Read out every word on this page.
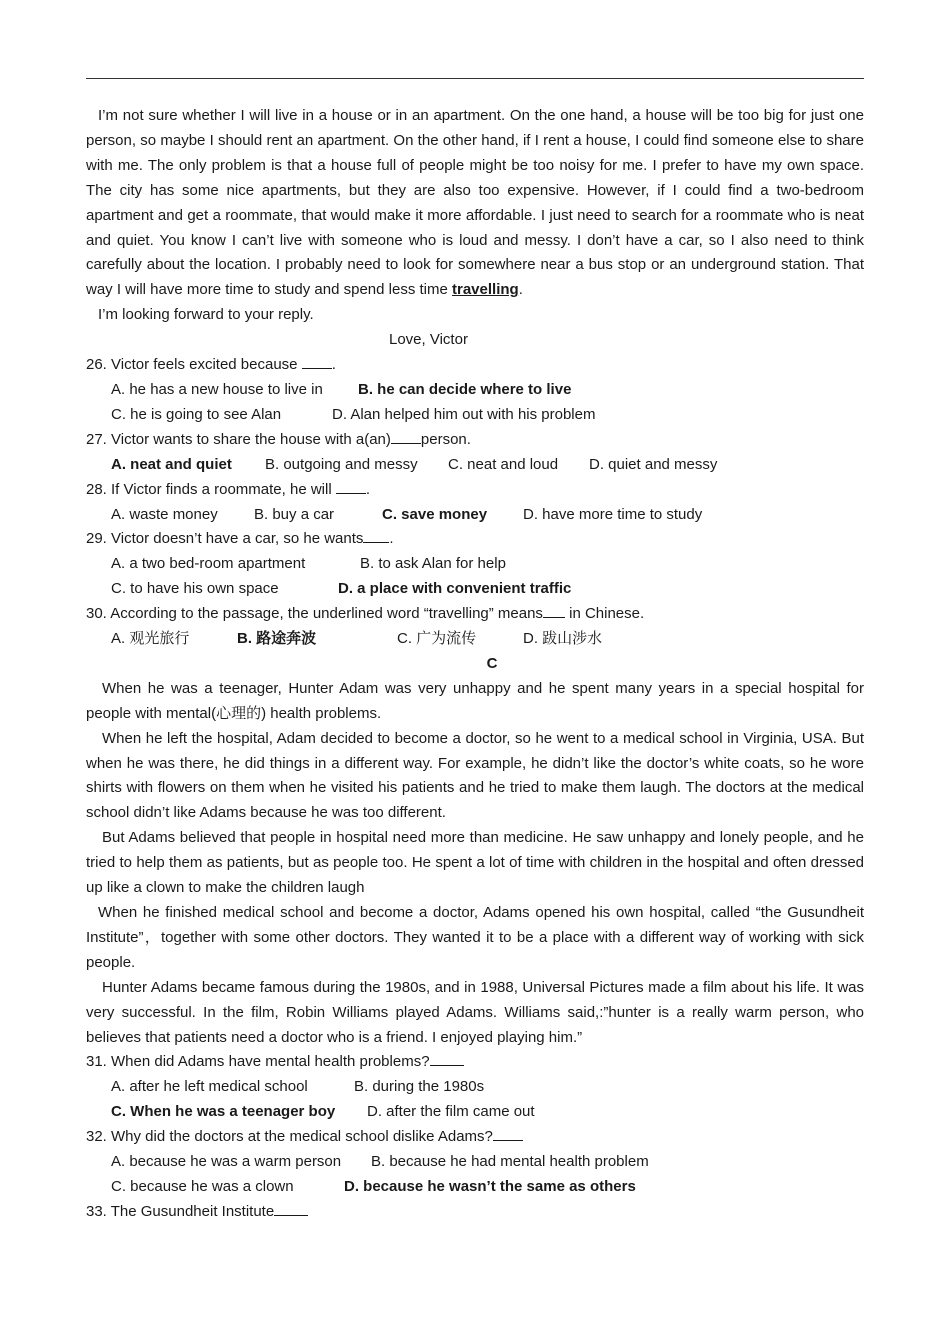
I’m not sure whether I will live in a house or in an apartment. On the one hand, a house will be too big for just one person, so maybe I should rent an apartment. On the other hand, if I rent a house, I could find someone else to share with me. The only problem is that a house full of people might be too noisy for me. I prefer to have my own space. The city has some nice apartments, but they are also too expensive. However, if I could find a two-bedroom apartment and get a roommate, that would make it more affordable. I just need to search for a roommate who is neat and quiet. You know I can’t live with someone who is loud and messy. I don’t have a car, so I also need to think carefully about the location. I probably need to look for somewhere near a bus stop or an underground station. That way I will have more time to study and spend less time travelling.

I’m looking forward to your reply.

Love, Victor

26. Victor feels excited because .

A. he has a new house to live in B. he can decide where to live

C. he is going to see Alan	D. Alan helped him out with his problem

27. Victor wants to share the house with a(an) person.

A. neat and quiet B. outgoing and messy C. neat and loud D. quiet and messy

28. If Victor finds a roommate, he will .

A. waste money B. buy a car	C. save money D. have more time to study

29. Victor doesn’t have a car, so he wants .

A. a two bed-room apartment	B. to ask Alan for help

C. to have his own space	D. a place with convenient traffic

30. According to the passage, the underlined word “travelling” means in Chinese.

A. 观光旅行	B. 路途奔波	C. 广为流传	D. 跋山涉水

C

When he was a teenager, Hunter Adam was very unhappy and he spent many years in a special hospital for people with mental(心理的) health problems.

When he left the hospital, Adam decided to become a doctor, so he went to a medical school in Virginia, USA. But when he was there, he did things in a different way. For example, he didn’t like the doctor’s white coats, so he wore shirts with flowers on them when he visited his patients and he tried to make them laugh. The doctors at the medical school didn’t like Adams because he was too different.

But Adams believed that people in hospital need more than medicine. He saw unhappy and lonely people, and he tried to help them as patients, but as people too. He spent a lot of time with children in the hospital and often dressed up like a clown to make the children laugh

When he finished medical school and become a doctor, Adams opened his own hospital, called “the Gusundheit Institute”，together with some other doctors. They wanted it to be a place with a different way of working with sick people.

Hunter Adams became famous during the 1980s, and in 1988, Universal Pictures made a film about his life. It was very successful. In the film, Robin Williams played Adams. Williams said,:”hunter is a really warm person, who believes that patients need a doctor who is a friend. I enjoyed playing him.”

31. When did Adams have mental health problems?

A. after he left medical school	B. during the 1980s

C. When he was a teenager boy D. after the film came out

32. Why did the doctors at the medical school dislike Adams?

A. because he was a warm person B. because he had mental health problem

C. because he was a clown	D. because he wasn’t the same as others

33. The Gusundheit Institute
